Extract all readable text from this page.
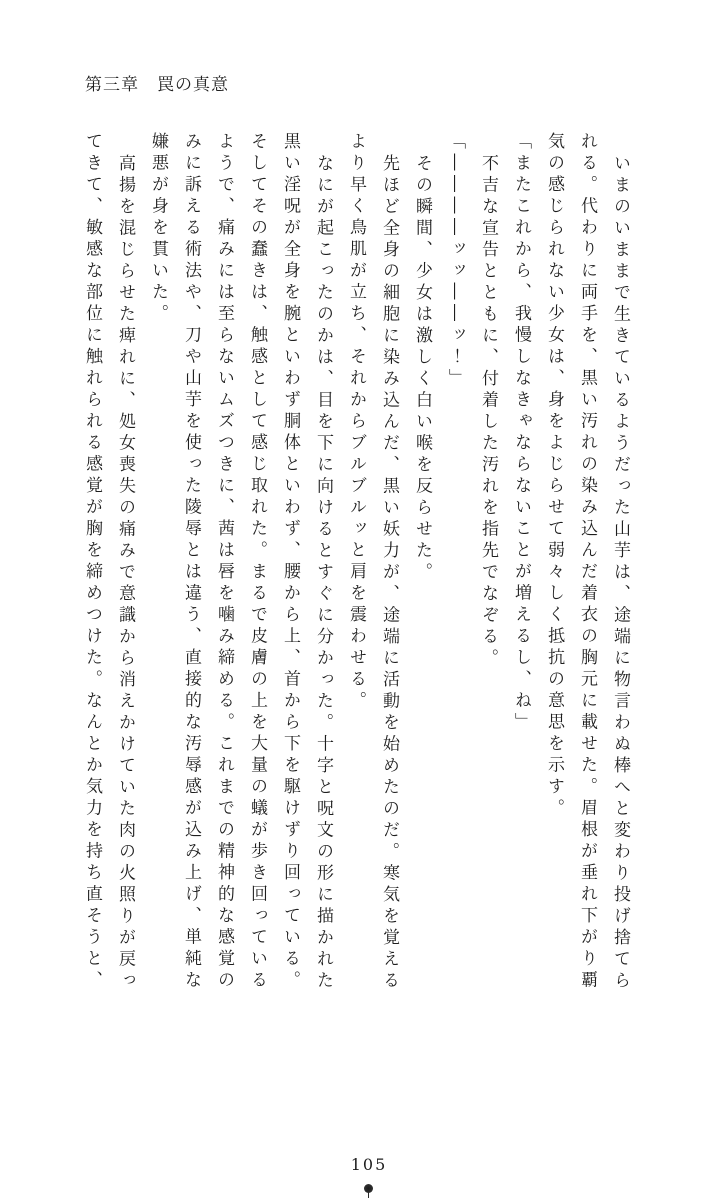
第三章　罠の真意

いまのいままで生きているようだった山芋は、途端に物言わぬ棒へと変わり投げ捨てられる。代わりに両手を、黒い汚れの染み込んだ着衣の胸元に載せた。眉根が垂れ下がり覇気の感じられない少女は、身をよじらせて弱々しく抵抗の意思を示す。

「またこれから、我慢しなきゃならないことが増えるし、ね」

不吉な宣告とともに、付着した汚れを指先でなぞる。

「――――ッッ――ッ！」

その瞬間、少女は激しく白い喉を反らせた。

先ほど全身の細胞に染み込んだ、黒い妖力が、途端に活動を始めたのだ。寒気を覚えるより早く鳥肌が立ち、それからブルブルッと肩を震わせる。

なにが起こったのかは、目を下に向けるとすぐに分かった。十字と呪文の形に描かれた黒い淫呪が全身を腕といわず胴体といわず、腰から上、首から下を駆けずり回っている。そしてその蠢きは、触感として感じ取れた。まるで皮膚の上を大量の蟻が歩き回っているようで、痛みには至らないムズつきに、茜は唇を噛み締める。これまでの精神的な感覚のみに訴える術法や、刀や山芋を使った陵辱とは違う、直接的な汚辱感が込み上げ、単純な嫌悪が身を貫いた。

高揚を混じらせた痺れに、処女喪失の痛みで意識から消えかけていた肉の火照りが戻ってきて、敏感な部位に触れられる感覚が胸を締めつけた。なんとか気力を持ち直そうと、

105
